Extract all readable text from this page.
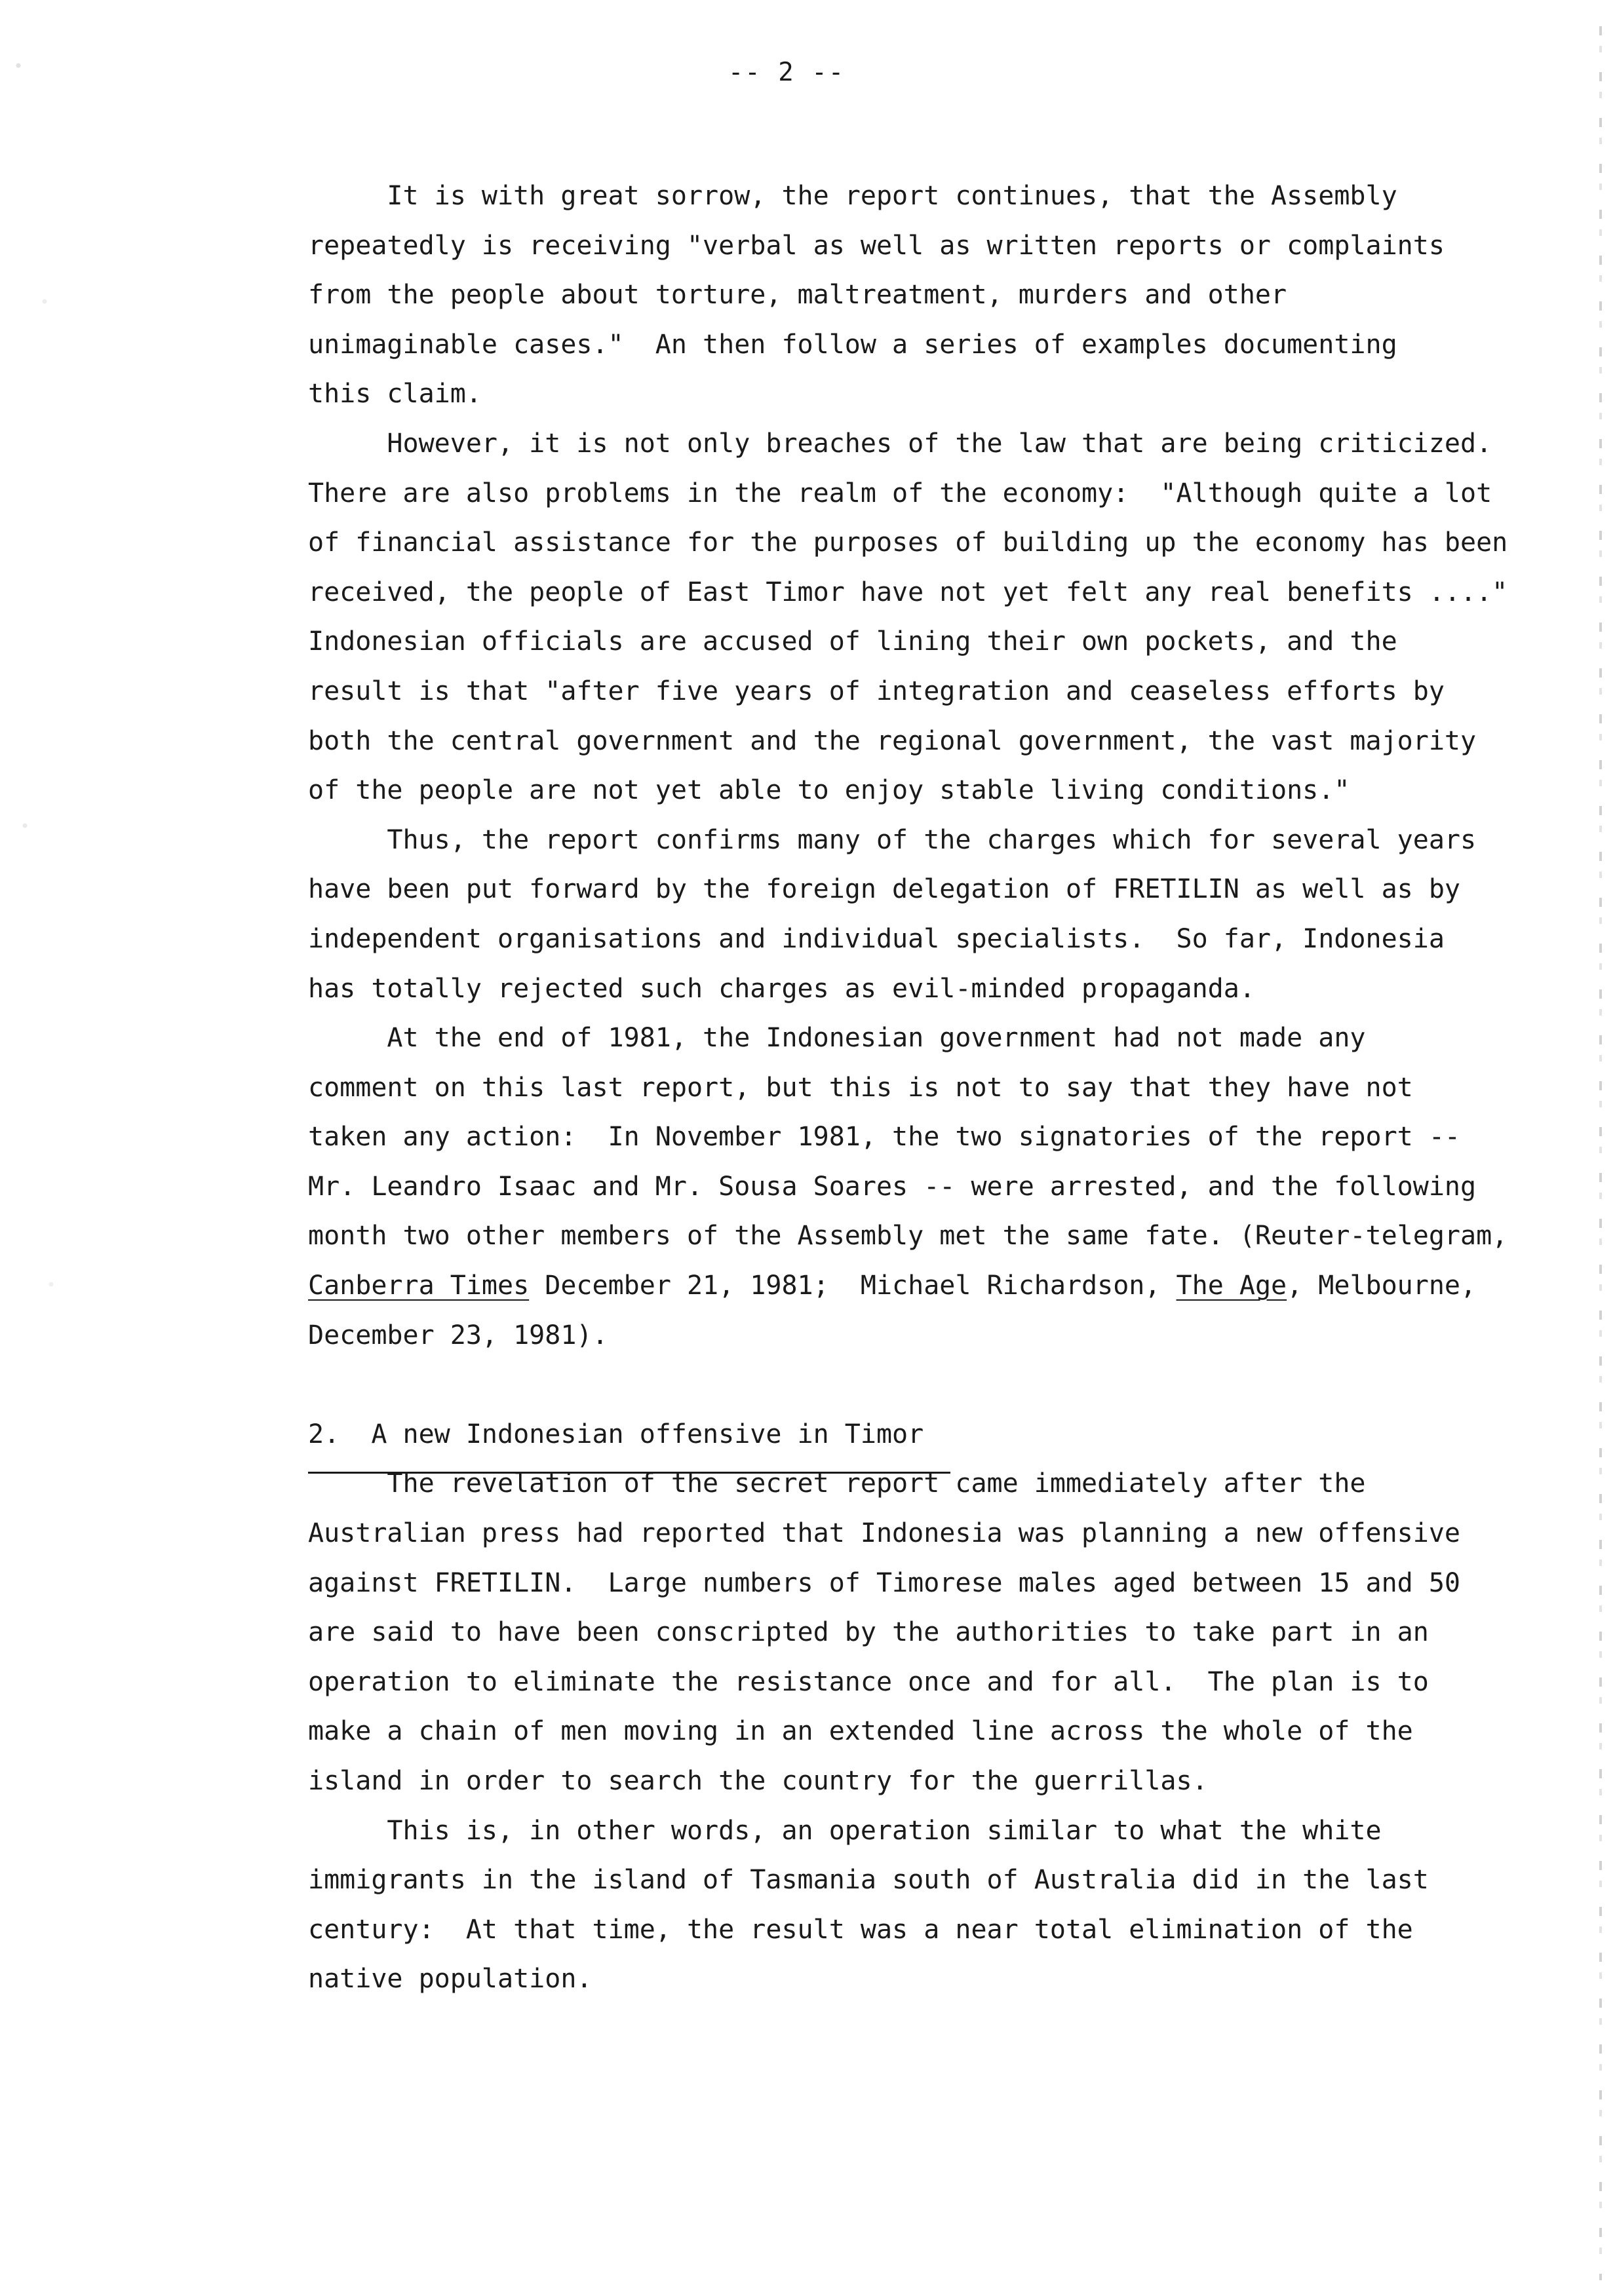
-- 2 --
It is with great sorrow, the report continues, that the Assembly
repeatedly is receiving "verbal as well as written reports or complaints
from the people about torture, maltreatment, murders and other
unimaginable cases."  An then follow a series of examples documenting
this claim.
However, it is not only breaches of the law that are being criticized.
There are also problems in the realm of the economy:  "Although quite a lot
of financial assistance for the purposes of building up the economy has been
received, the people of East Timor have not yet felt any real benefits ...."
Indonesian officials are accused of lining their own pockets, and the
result is that "after five years of integration and ceaseless efforts by
both the central government and the regional government, the vast majority
of the people are not yet able to enjoy stable living conditions."
Thus, the report confirms many of the charges which for several years
have been put forward by the foreign delegation of FRETILIN as well as by
independent organisations and individual specialists.  So far, Indonesia
has totally rejected such charges as evil-minded propaganda.
At the end of 1981, the Indonesian government had not made any
comment on this last report, but this is not to say that they have not
taken any action:  In November 1981, the two signatories of the report --
Mr. Leandro Isaac and Mr. Sousa Soares -- were arrested, and the following
month two other members of the Assembly met the same fate. (Reuter-telegram,
Canberra Times December 21, 1981;  Michael Richardson, The Age, Melbourne,
December 23, 1981).
2.  A new Indonesian offensive in Timor
The revelation of the secret report came immediately after the
Australian press had reported that Indonesia was planning a new offensive
against FRETILIN.  Large numbers of Timorese males aged between 15 and 50
are said to have been conscripted by the authorities to take part in an
operation to eliminate the resistance once and for all.  The plan is to
make a chain of men moving in an extended line across the whole of the
island in order to search the country for the guerrillas.
This is, in other words, an operation similar to what the white
immigrants in the island of Tasmania south of Australia did in the last
century:  At that time, the result was a near total elimination of the
native population.
